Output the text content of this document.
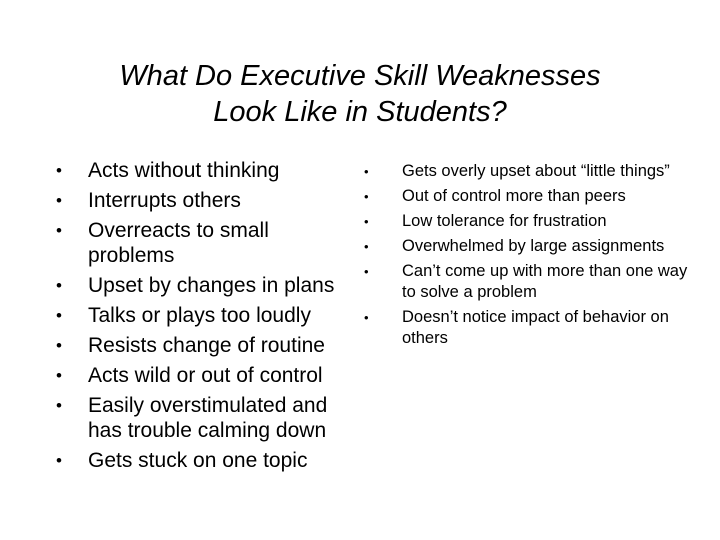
What Do Executive Skill Weaknesses
Look Like in Students?
• Acts without thinking
• Interrupts others
• Overreacts to small problems
• Upset by changes in plans
• Talks or plays too loudly
• Resists change of routine
• Acts wild or out of control
• Easily overstimulated and has trouble calming down
• Gets stuck on one topic
• Gets overly upset about “little things”
• Out of control more than peers
• Low tolerance for frustration
• Overwhelmed by large assignments
• Can’t come up with more than one way to solve a problem
• Doesn’t notice impact of behavior on others
